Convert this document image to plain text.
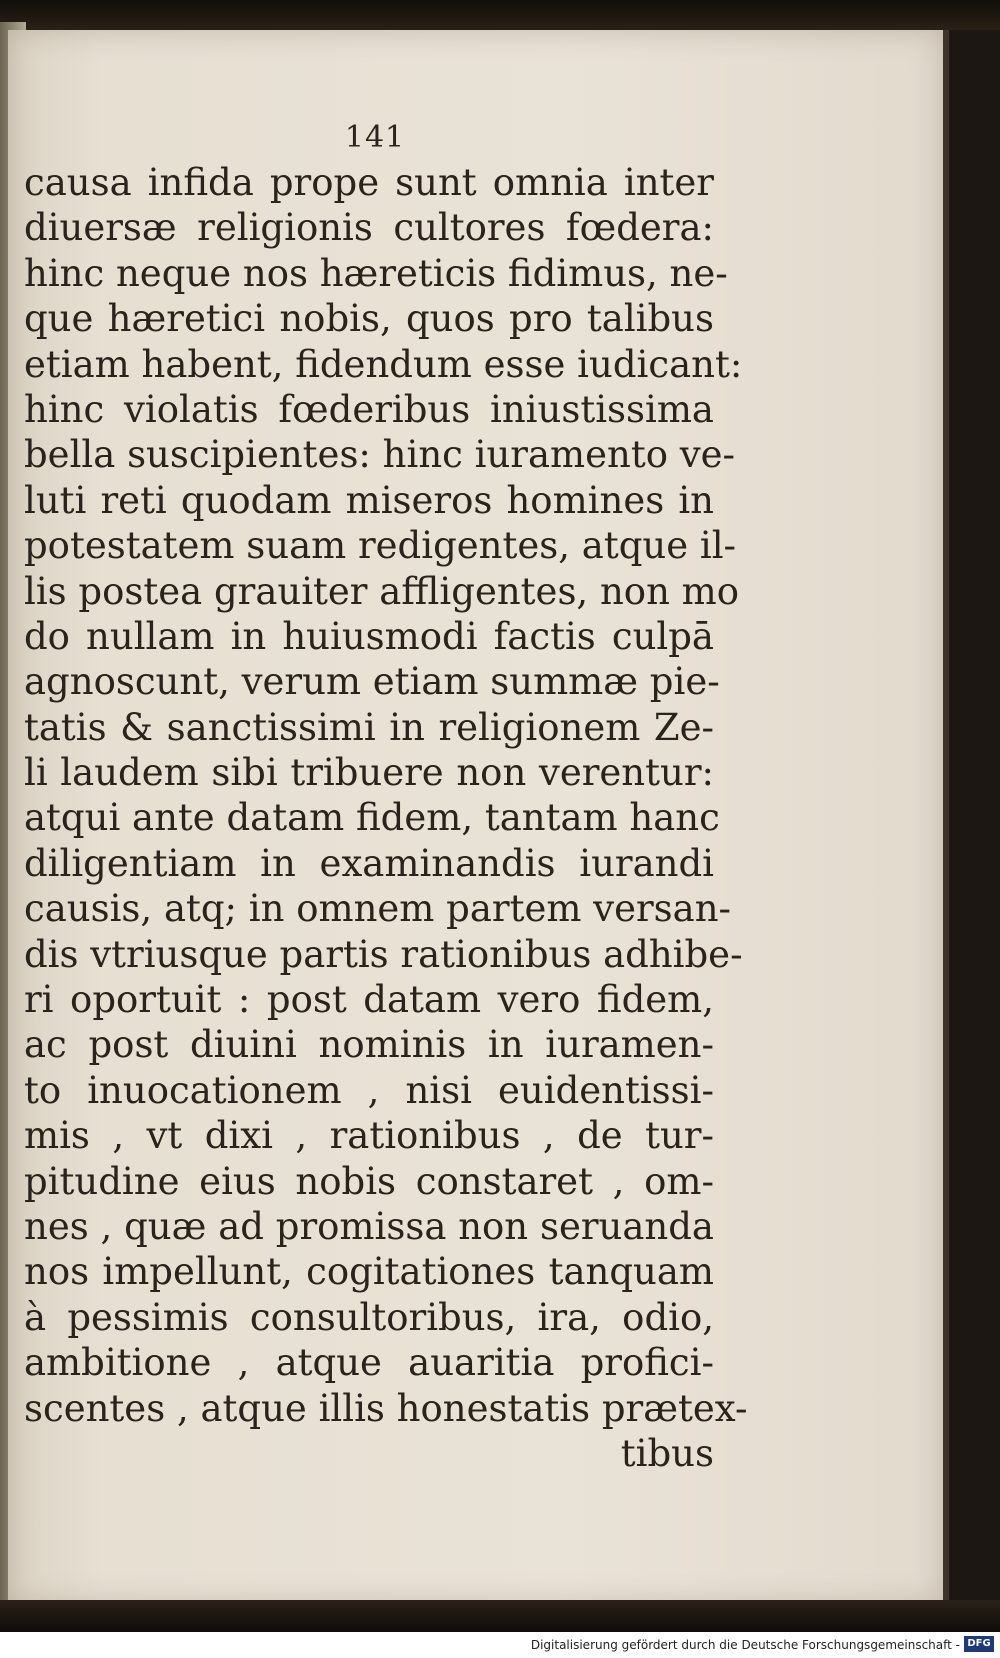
141
causa infida prope sunt omnia inter
diuersæ religionis cultores fœdera:
hinc neque nos hæreticis fidimus, ne-
que hæretici nobis, quos pro talibus
etiam habent, fidendum esse iudicant:
hinc violatis fœderibus iniustissima
bella suscipientes: hinc iuramento ve-
luti reti quodam miseros homines in
potestatem suam redigentes, atque il-
lis postea grauiter affligentes, non mo
do nullam in huiusmodi factis culpā
agnoscunt, verum etiam summæ pie-
tatis & sanctissimi in religionem Ze-
li laudem sibi tribuere non verentur:
atqui ante datam fidem, tantam hanc
diligentiam in examinandis iurandi
causis, atq; in omnem partem versan-
dis vtriusque partis rationibus adhibe-
ri oportuit : post datam vero fidem,
ac post diuini nominis in iuramen-
to inuocationem , nisi euidentissi-
mis , vt dixi , rationibus , de tur-
pitudine eius nobis constaret , om-
nes , quæ ad promissa non seruanda
nos impellunt, cogitationes tanquam
à pessimis consultoribus, ira, odio,
ambitione , atque auaritia profici-
scentes , atque illis honestatis prætex-
tibus
Digitalisierung gefördert durch die Deutsche Forschungsgemeinschaft - DFG
